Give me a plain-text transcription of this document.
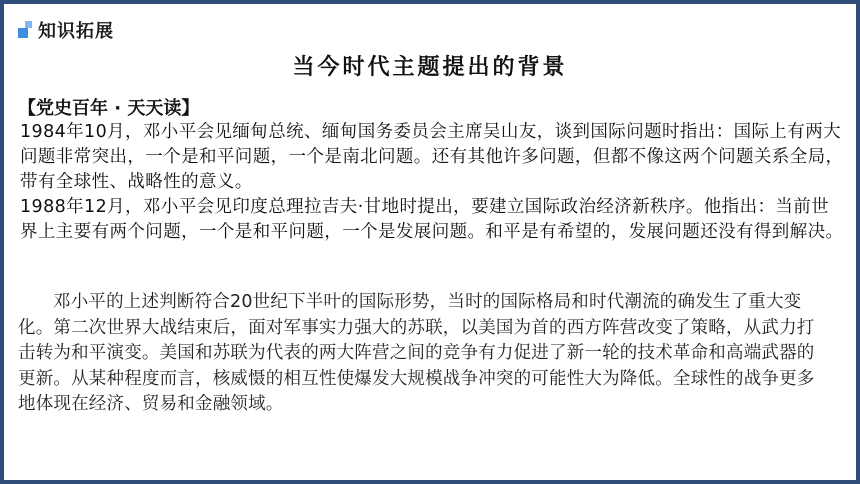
知识拓展
当今时代主题提出的背景
【党史百年 · 天天读】

1984年10月，邓小平会见缅甸总统、缅甸国务委员会主席吴山友，谈到国际问题时指出：国际上有两大问题非常突出，一个是和平问题，一个是南北问题。还有其他许多问题，但都不像这两个问题关系全局，带有全球性、战略性的意义。

1988年12月，邓小平会见印度总理拉吉夫·甘地时提出，要建立国际政治经济新秩序。他指出：当前世界上主要有两个问题，一个是和平问题，一个是发展问题。和平是有希望的，发展问题还没有得到解决。

邓小平的上述判断符合20世纪下半叶的国际形势，当时的国际格局和时代潮流的确发生了重大变化。第二次世界大战结束后，面对军事实力强大的苏联，以美国为首的西方阵营改变了策略，从武力打击转为和平演变。美国和苏联为代表的两大阵营之间的竞争有力促进了新一轮的技术革命和高端武器的更新。从某种程度而言，核威慑的相互性使爆发大规模战争冲突的可能性大为降低。全球性的战争更多地体现在经济、贸易和金融领域。
